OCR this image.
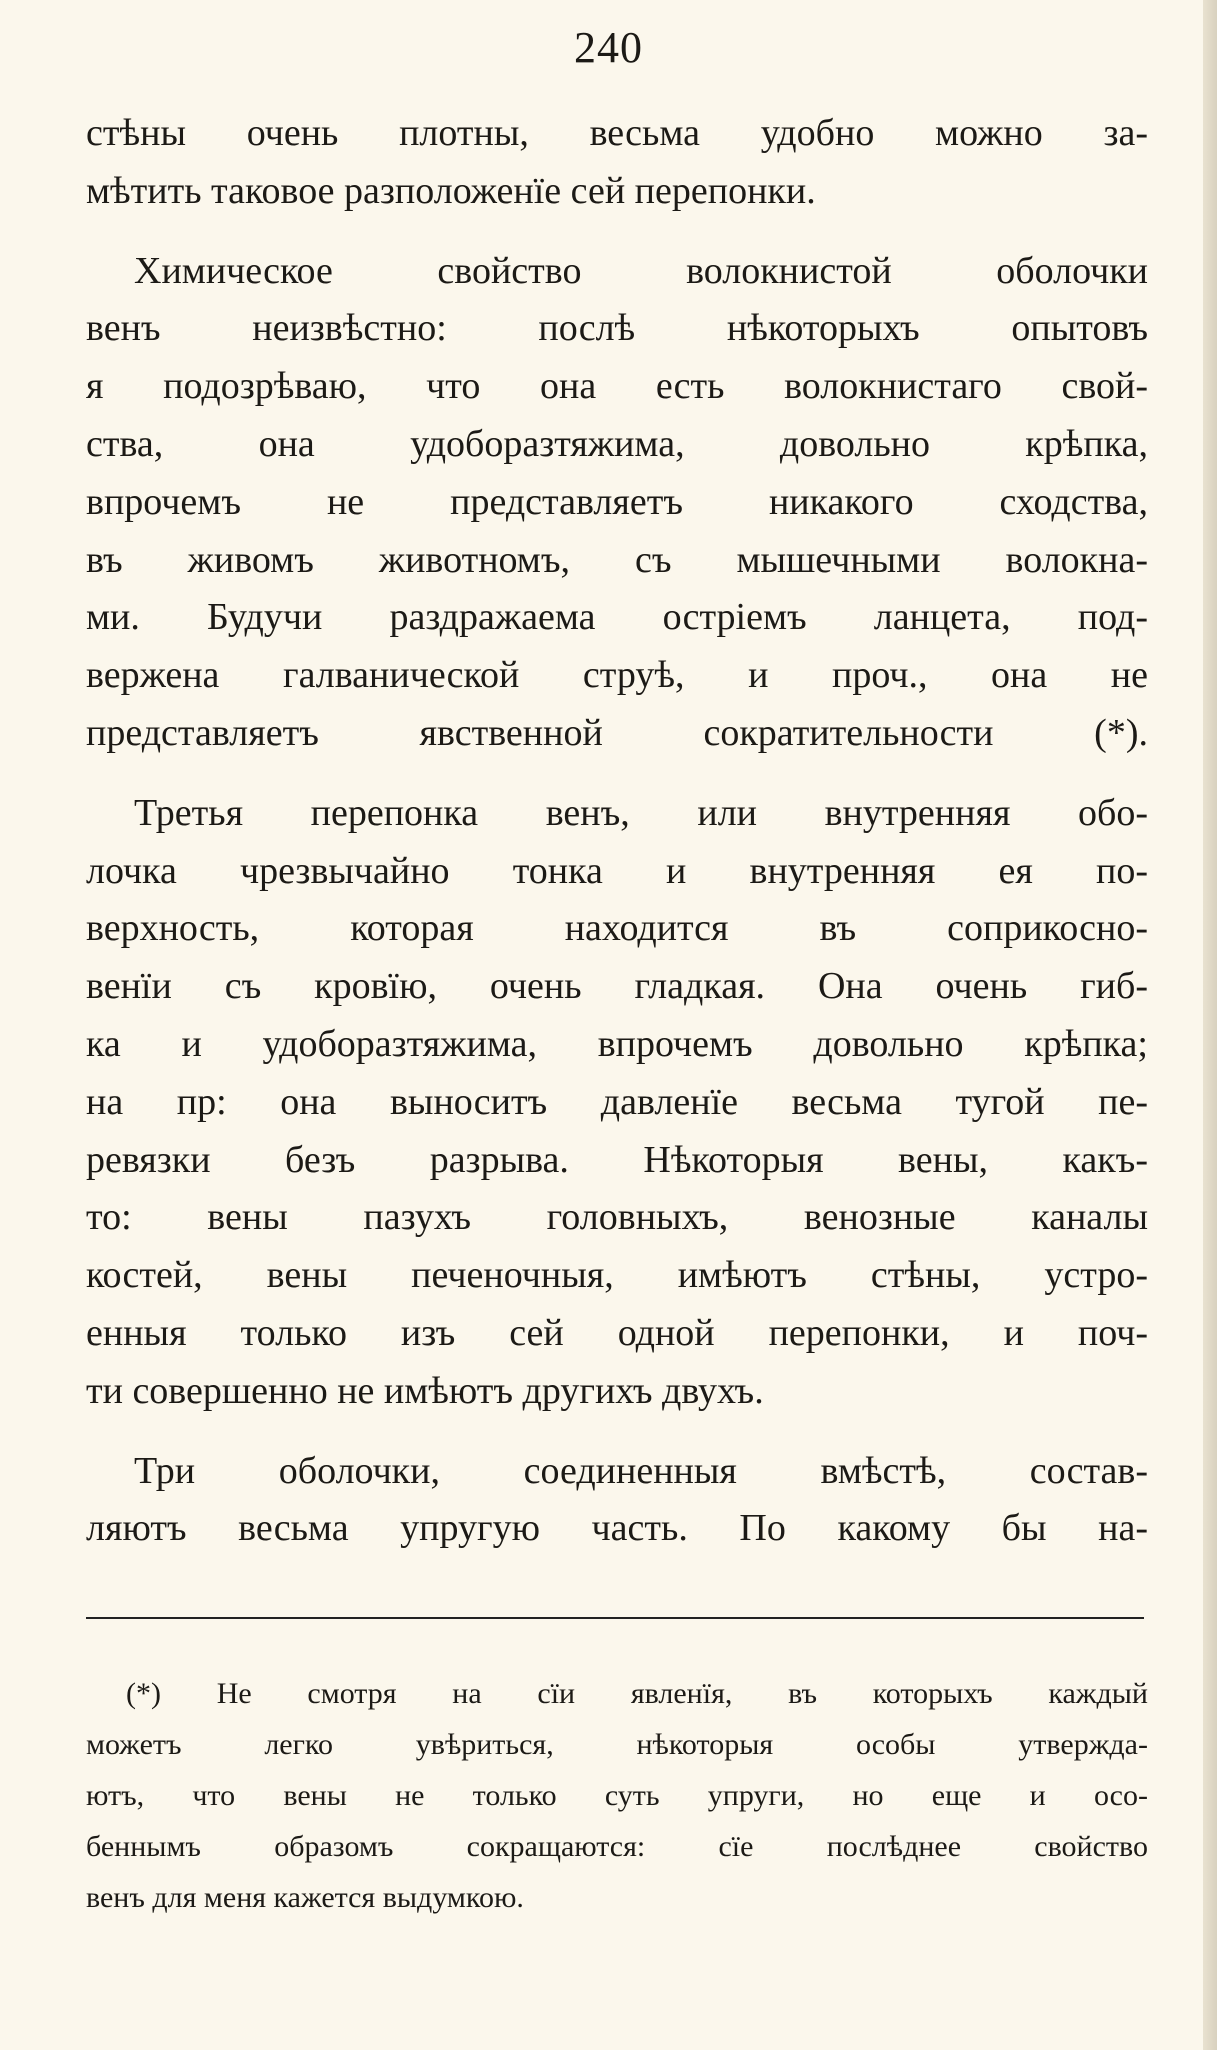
240
стѣны очень плотны, весьма удобно можно за-
мѣтить таковое разположенïе сей перепонки.
Химическое свойство волокнистой оболочки
венъ неизвѣстно: послѣ нѣкоторыхъ опытовъ
я подозрѣваю, что она есть волокнистаго свой-
ства, она удоборазтяжима, довольно крѣпка,
впрочемъ не представляетъ никакого сходства,
въ живомъ животномъ, съ мышечными волокна-
ми. Будучи раздражаема остріемъ ланцета, под-
вержена галванической струѣ, и проч., она не
представляетъ явственной сократительности (*).
Третья перепонка венъ, или внутренняя обо-
лочка чрезвычайно тонка и внутренняя ея по-
верхность, которая находится въ соприкосно-
венïи съ кровïю, очень гладкая. Она очень гиб-
ка и удоборазтяжима, впрочемъ довольно крѣпка;
на пр: она выноситъ давленïе весьма тугой пе-
ревязки безъ разрыва. Нѣкоторыя вены, какъ-
то: вены пазухъ головныхъ, венозные каналы
костей, вены печеночныя, имѣютъ стѣны, устро-
енныя только изъ сей одной перепонки, и поч-
ти совершенно не имѣютъ другихъ двухъ.
Три оболочки, соединенныя вмѣстѣ, состав-
ляютъ весьма упругую часть. По какому бы на-
(*) Не смотря на сïи явленïя, въ которыхъ каждый
можетъ легко увѣриться, нѣкоторыя особы утвержда-
ютъ, что вены не только суть упруги, но еще и осо-
беннымъ образомъ сокращаются: сïе послѣднее свойство
венъ для меня кажется выдумкою.
